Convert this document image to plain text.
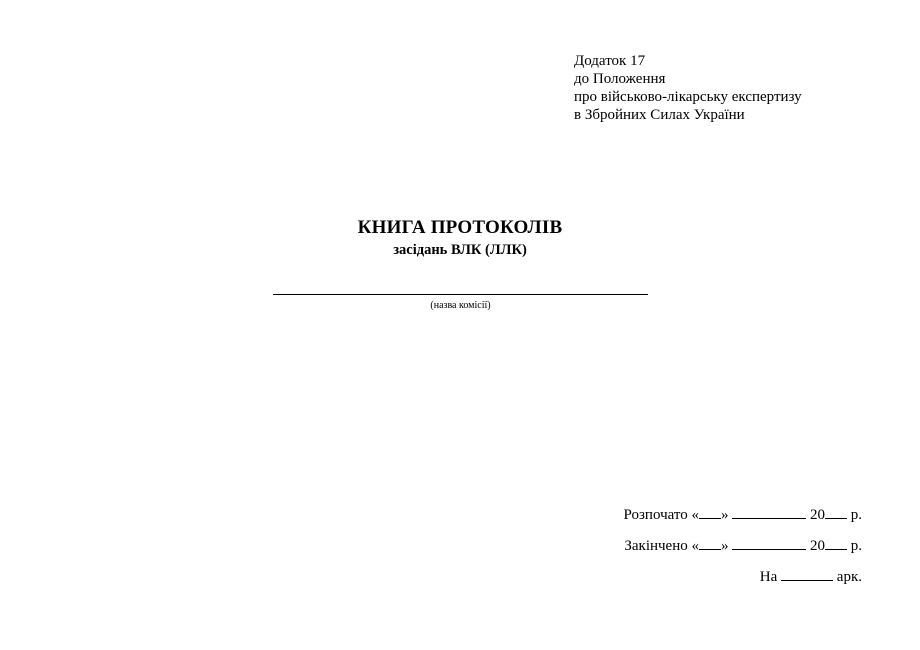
Додаток 17
до Положення
про військово-лікарську експертизу
в Збройних Силах України
КНИГА ПРОТОКОЛІВ
засідань ВЛК (ЛЛК)
(назва комісії)
Розпочато « »	20 р.
Закінчено « »	20 р.
На	арк.
